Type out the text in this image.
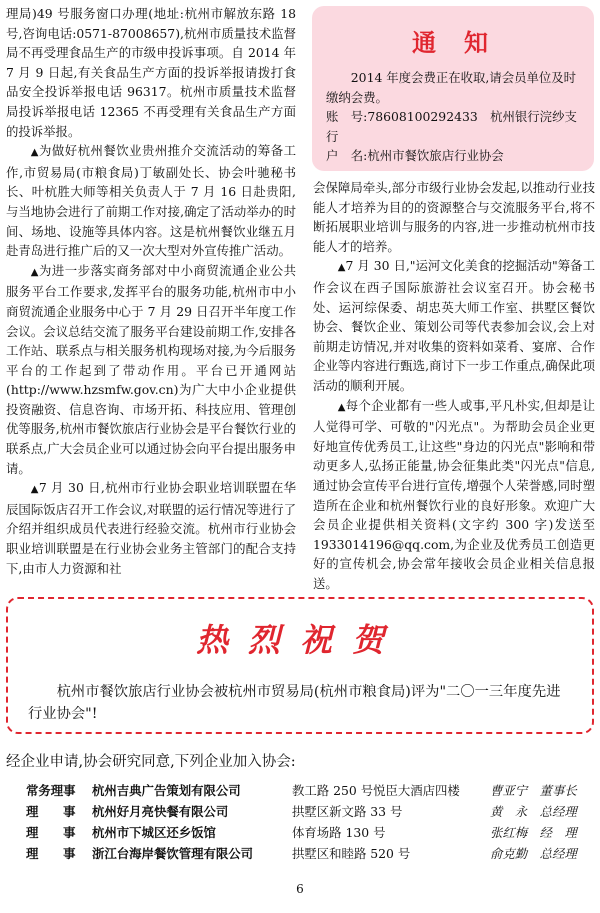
理局)49 号服务窗口办理(地址:杭州市解放东路 18 号,咨询电话:0571-87008657),杭州市质量技术监督局不再受理食品生产的市级申投诉事项。自 2014 年 7 月 9 日起,有关食品生产方面的投诉举报请拨打食品安全投诉举报电话 96317。杭州市质量技术监督局投诉举报电话 12365 不再受理有关食品生产方面的投诉举报。

▲为做好杭州餐饮业贵州推介交流活动的筹备工作,市贸易局(市粮食局)丁敏副处长、协会叶驰秘书长、叶杭胜大师等相关负责人于 7 月 16 日赴贵阳,与当地协会进行了前期工作对接,确定了活动举办的时间、场地、设施等具体内容。这是杭州餐饮业继五月赴青岛进行推广后的又一次大型对外宣传推广活动。

▲为进一步落实商务部对中小商贸流通企业公共服务平台工作要求,发挥平台的服务功能,杭州市中小商贸流通企业服务中心于 7 月 29 日召开半年度工作会议。会议总结交流了服务平台建设前期工作,安排各工作站、联系点与相关服务机构现场对接,为今后服务平台的工作起到了带动作用。平台已开通网站(http://www.hzsmfw.gov.cn)为广大中小企业提供投资融资、信息咨询、市场开拓、科技应用、管理创优等服务,杭州市餐饮旅店行业协会是平台餐饮行业的联系点,广大会员企业可以通过协会向平台提出服务申请。

▲7 月 30 日,杭州市行业协会职业培训联盟在华辰国际饭店召开工作会议,对联盟的运行情况等进行了介绍并组织成员代表进行经验交流。杭州市行业协会职业培训联盟是在行业协会业务主管部门的配合支持下,由市人力资源和社

通知

2014 年度会费正在收取,请会员单位及时缴纳会费。

账　号:78608100292433　杭州银行浣纱支行

户　名:杭州市餐饮旅店行业协会

会保障局牵头,部分市级行业协会发起,以推动行业技能人才培养为目的的资源整合与交流服务平台,将不断拓展职业培训与服务的内容,进一步推动杭州市技能人才的培养。

▲7 月 30 日,"运河文化美食的挖掘活动"筹备工作会议在西子国际旅游社会议室召开。协会秘书处、运河综保委、胡忠英大师工作室、拱墅区餐饮协会、餐饮企业、策划公司等代表参加会议,会上对前期走访情况,并对收集的资料如菜肴、宴席、合作企业等内容进行甄选,商讨下一步工作重点,确保此项活动的顺利开展。

▲每个企业都有一些人或事,平凡朴实,但却是让人觉得可学、可敬的"闪光点"。为帮助会员企业更好地宣传优秀员工,让这些"身边的闪光点"影响和带动更多人,弘扬正能量,协会征集此类"闪光点"信息,通过协会宣传平台进行宣传,增强个人荣誉感,同时塑造所在企业和杭州餐饮行业的良好形象。欢迎广大会员企业提供相关资料(文字约 300 字)发送至 1933014196@qq.com,为企业及优秀员工创造更好的宣传机会,协会常年接收会员企业相关信息报送。

热烈祝贺

杭州市餐饮旅店行业协会被杭州市贸易局(杭州市粮食局)评为"二〇一三年度先进行业协会"!

经企业申请,协会研究同意,下列企业加入协会:

常务理事	杭州吉典广告策划有限公司	教工路 250 号悦臣大酒店四楼	曹亚宁　董事长
理　　事	杭州好月亮快餐有限公司	拱墅区新文路 33 号	黄　永　总经理
理　　事	杭州市下城区还乡饭馆	体育场路 130 号	张红梅　经　理
理　　事	浙江台海岸餐饮管理有限公司	拱墅区和睦路 520 号	俞克勤　总经理
6
